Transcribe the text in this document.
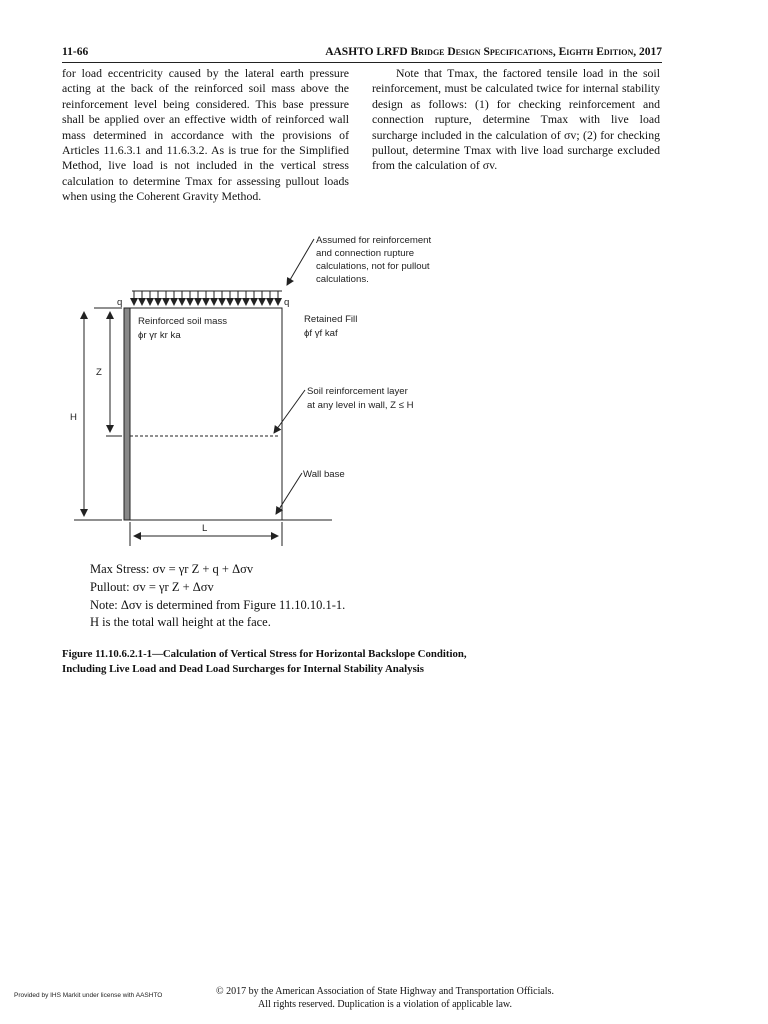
11-66	AASHTO LRFD Bridge Design Specifications, Eighth Edition, 2017

for load eccentricity caused by the lateral earth pressure acting at the back of the reinforced soil mass above the reinforcement level being considered. This base pressure shall be applied over an effective width of reinforced wall mass determined in accordance with the provisions of Articles 11.6.3.1 and 11.6.3.2. As is true for the Simplified Method, live load is not included in the vertical stress calculation to determine Tmax for assessing pullout loads when using the Coherent Gravity Method.

Note that Tmax, the factored tensile load in the soil reinforcement, must be calculated twice for internal stability design as follows: (1) for checking reinforcement and connection rupture, determine Tmax with live load surcharge included in the calculation of σv; (2) for checking pullout, determine Tmax with live load surcharge excluded from the calculation of σv.

q	q
Assumed for reinforcement
and connection rupture
calculations, not for pullout
calculations.
Reinforced soil mass
ϕr γr kr ka
Retained Fill
ϕf γf kaf
Soil reinforcement layer
at any level in wall, Z ≤ H
Wall base
Z
H
L
Max Stress: σv = γr Z + q + Δσv
Pullout: σv = γr Z + Δσv
Note: Δσv is determined from Figure 11.10.10.1-1.
H is the total wall height at the face.
Figure 11.10.6.2.1-1—Calculation of Vertical Stress for Horizontal Backslope Condition,
Including Live Load and Dead Load Surcharges for Internal Stability Analysis
Provided by IHS Markit under license with AASHTO	© 2017 by the American Association of State Highway and Transportation Officials.
All rights reserved. Duplication is a violation of applicable law.
